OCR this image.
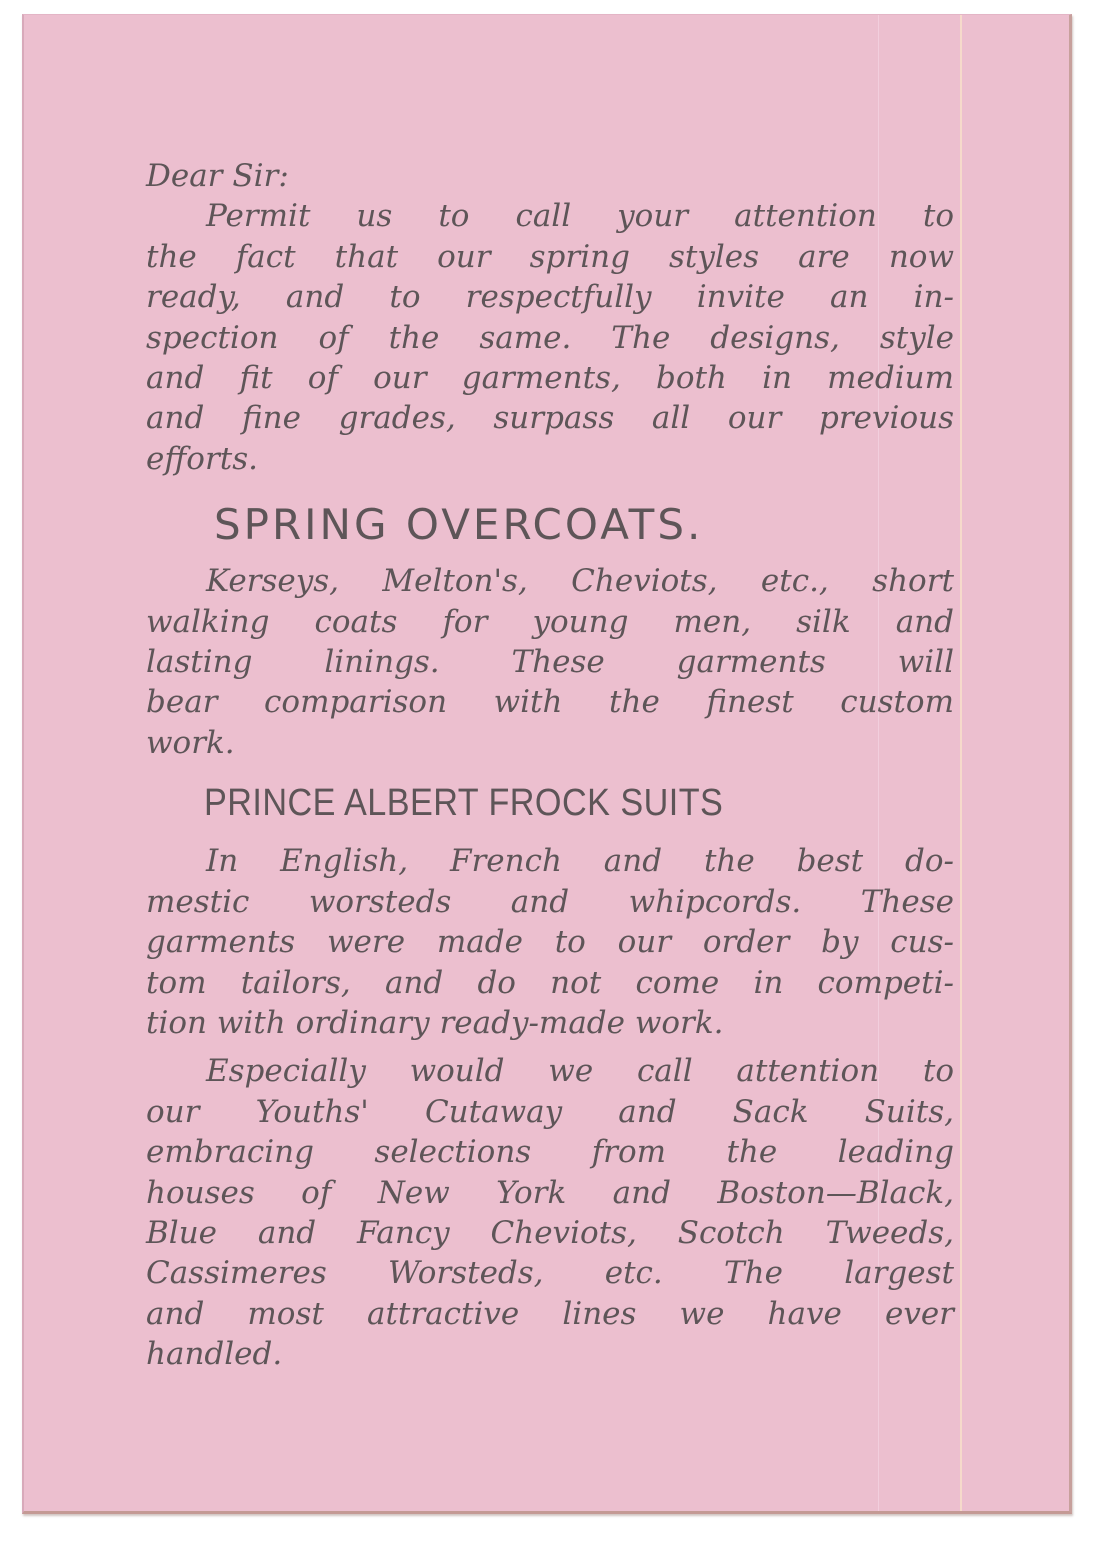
Dear Sir:

Permit us to call your attention to

the fact that our spring styles are now

ready, and to respectfully invite an in-

spection of the same. The designs, style

and fit of our garments, both in medium

and fine grades, surpass all our previous

efforts.

SPRING OVERCOATS.

Kerseys, Melton's, Cheviots, etc., short

walking coats for young men, silk and

lasting linings. These garments will

bear comparison with the finest custom

work.

PRINCE ALBERT FROCK SUITS

In English, French and the best do-

mestic worsteds and whipcords. These

garments were made to our order by cus-

tom tailors, and do not come in competi-

tion with ordinary ready-made work.

Especially would we call attention to

our Youths' Cutaway and Sack Suits,

embracing selections from the leading

houses of New York and Boston—Black,

Blue and Fancy Cheviots, Scotch Tweeds,

Cassimeres Worsteds, etc. The largest

and most attractive lines we have ever

handled.
